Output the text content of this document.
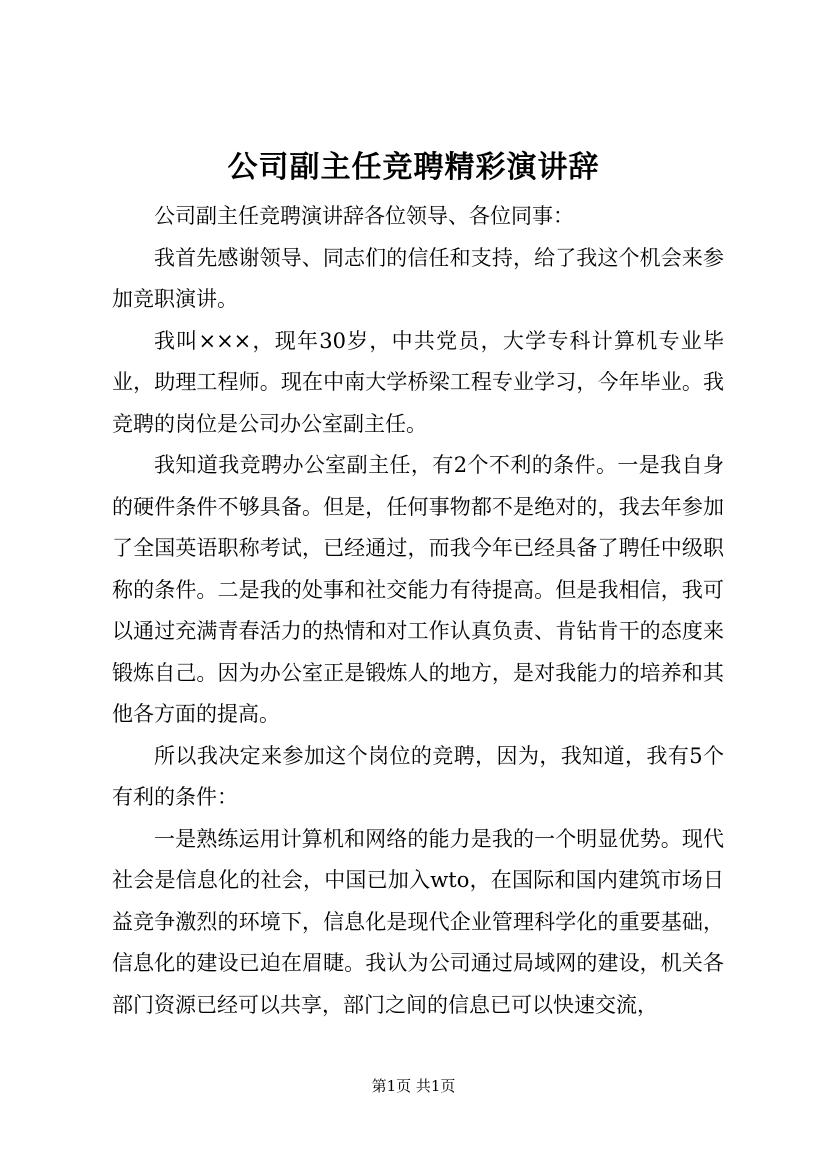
公司副主任竞聘精彩演讲辞

公司副主任竞聘演讲辞各位领导、各位同事：

我首先感谢领导、同志们的信任和支持，给了我这个机会来参加竞职演讲。

我叫×××，现年30岁，中共党员，大学专科计算机专业毕业，助理工程师。现在中南大学桥梁工程专业学习，今年毕业。我竞聘的岗位是公司办公室副主任。

我知道我竞聘办公室副主任，有2个不利的条件。一是我自身的硬件条件不够具备。但是，任何事物都不是绝对的，我去年参加了全国英语职称考试，已经通过，而我今年已经具备了聘任中级职称的条件。二是我的处事和社交能力有待提高。但是我相信，我可以通过充满青春活力的热情和对工作认真负责、肯钻肯干的态度来锻炼自己。因为办公室正是锻炼人的地方，是对我能力的培养和其他各方面的提高。

所以我决定来参加这个岗位的竞聘，因为，我知道，我有5个有利的条件：

一是熟练运用计算机和网络的能力是我的一个明显优势。现代社会是信息化的社会，中国已加入wto，在国际和国内建筑市场日益竞争激烈的环境下，信息化是现代企业管理科学化的重要基础，信息化的建设已迫在眉睫。我认为公司通过局域网的建设，机关各部门资源已经可以共享，部门之间的信息已可以快速交流，

第1页 共1页
